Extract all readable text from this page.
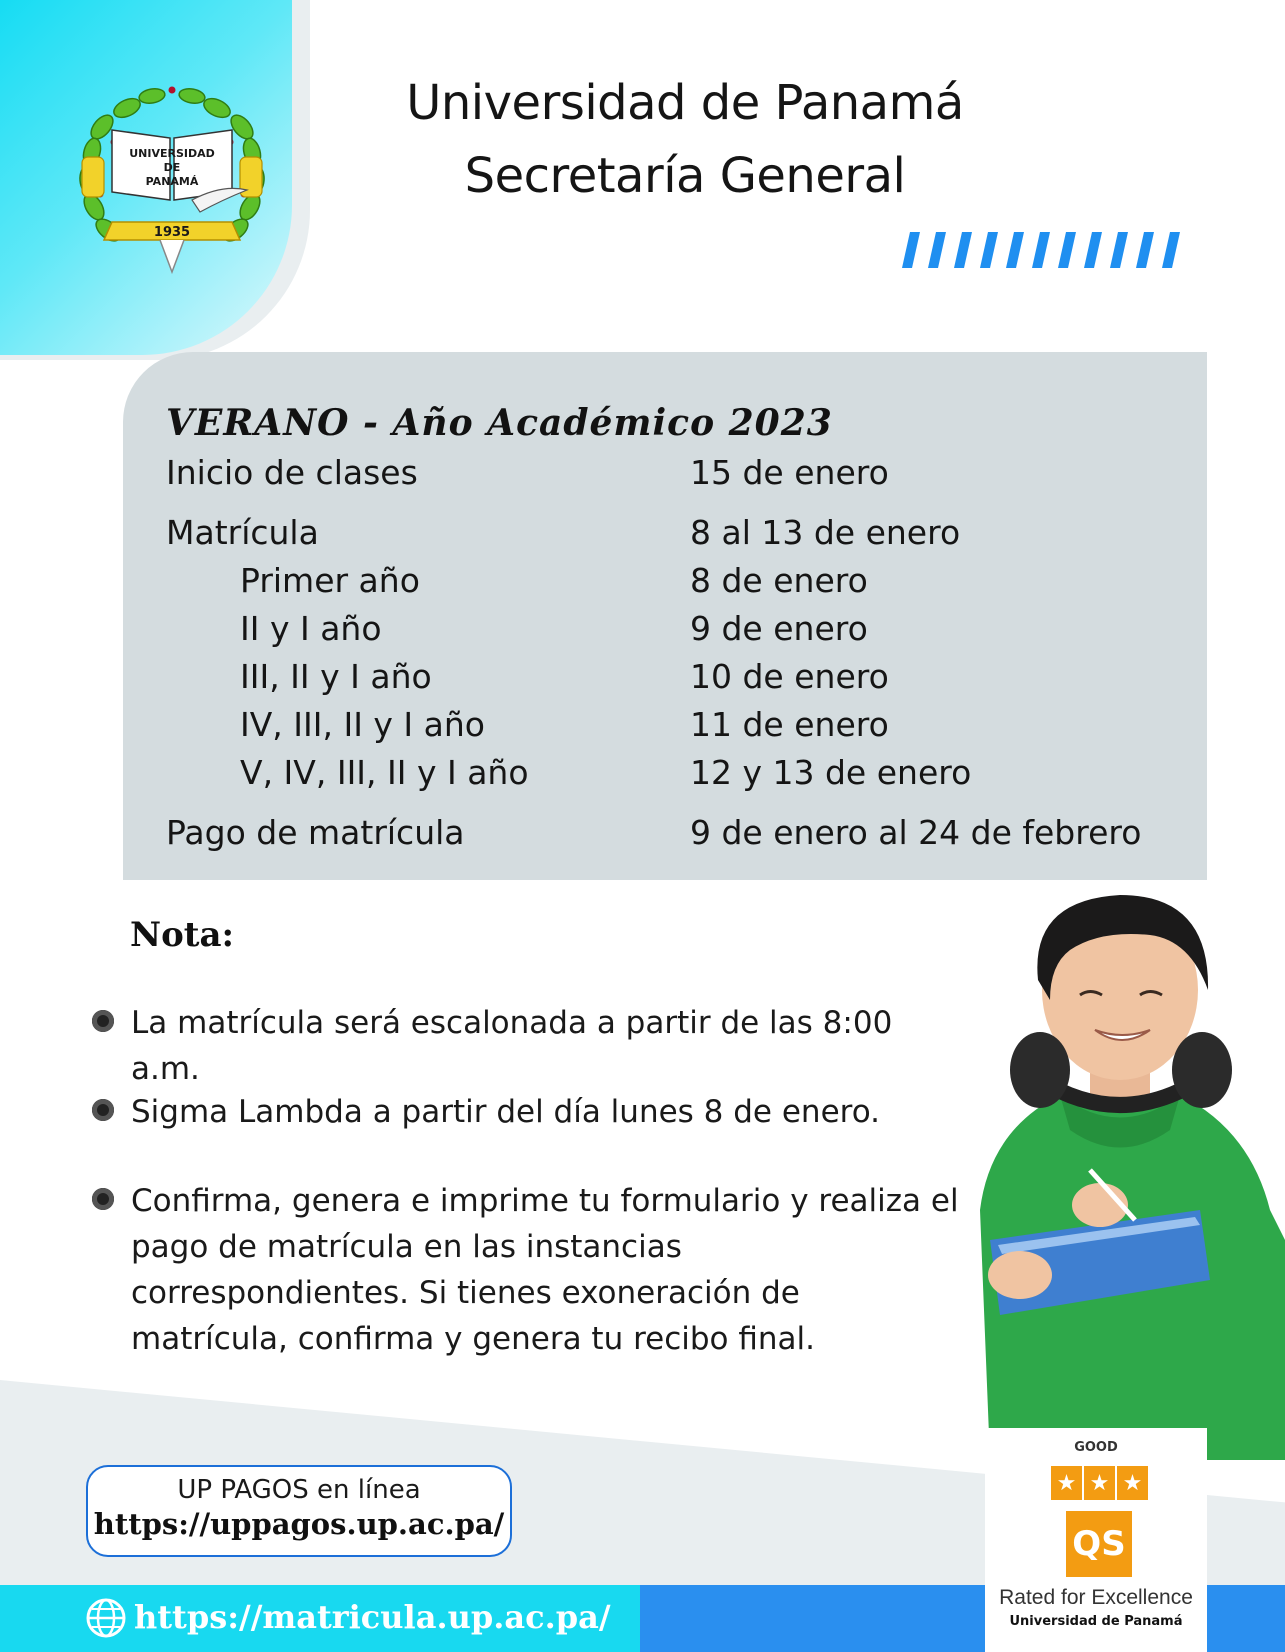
UNIVERSIDAD
DE
PANAMÁ
1935
Universidad de Panamá
Secretaría General
VERANO - Año Académico 2023
Inicio de clases	15 de enero
Matrícula	8 al 13 de enero
Primer año	8 de enero
II y I año	9 de enero
III, II y I año	10 de enero
IV, III, II y I año	11 de enero
V, IV, III, II y I año	12 y 13 de enero
Pago de matrícula	9 de enero al 24 de febrero
Nota:
La matrícula será escalonada a partir de las 8:00 a.m.
Sigma Lambda a partir del día lunes 8 de enero.
Confirma, genera e imprime tu formulario y realiza el pago de matrícula en las instancias correspondientes. Si tienes exoneración de matrícula, confirma y genera tu recibo final.
UP PAGOS en línea
https://uppagos.up.ac.pa/
https://matricula.up.ac.pa/
GOOD
★ ★ ★
QS
Rated for Excellence
Universidad de Panamá
